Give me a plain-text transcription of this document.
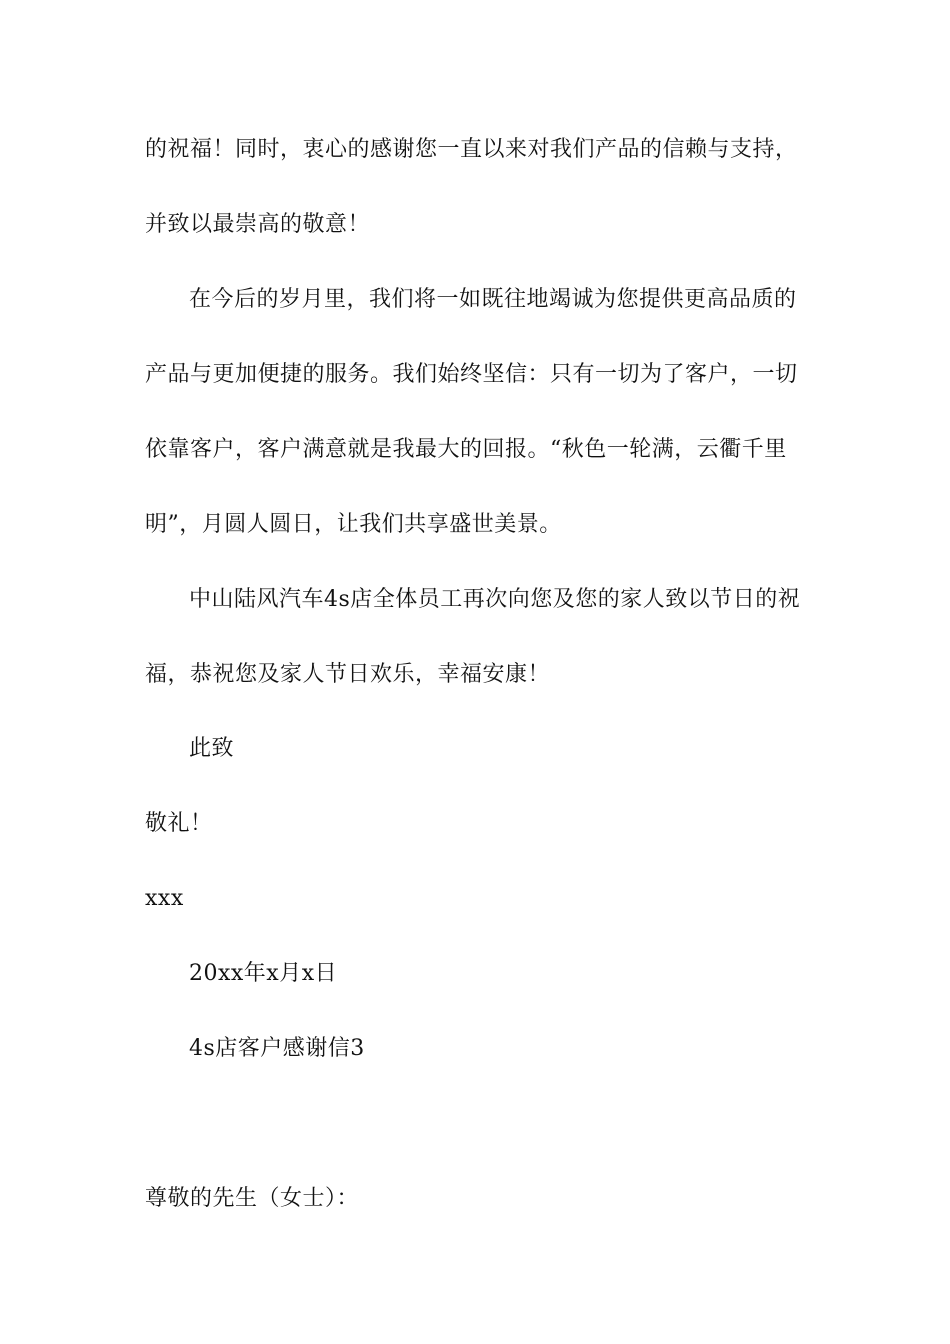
的祝福！同时，衷心的感谢您一直以来对我们产品的信赖与支持，
并致以最崇高的敬意！
在今后的岁月里，我们将一如既往地竭诚为您提供更高品质的
产品与更加便捷的服务。我们始终坚信：只有一切为了客户，一切
依靠客户，客户满意就是我最大的回报。“秋色一轮满，云衢千里
明”，月圆人圆日，让我们共享盛世美景。
中山陆风汽车4s店全体员工再次向您及您的家人致以节日的祝
福，恭祝您及家人节日欢乐，幸福安康！
此致
敬礼！
xxx
20xx年x月x日
4s店客户感谢信3
尊敬的先生（女士）：
